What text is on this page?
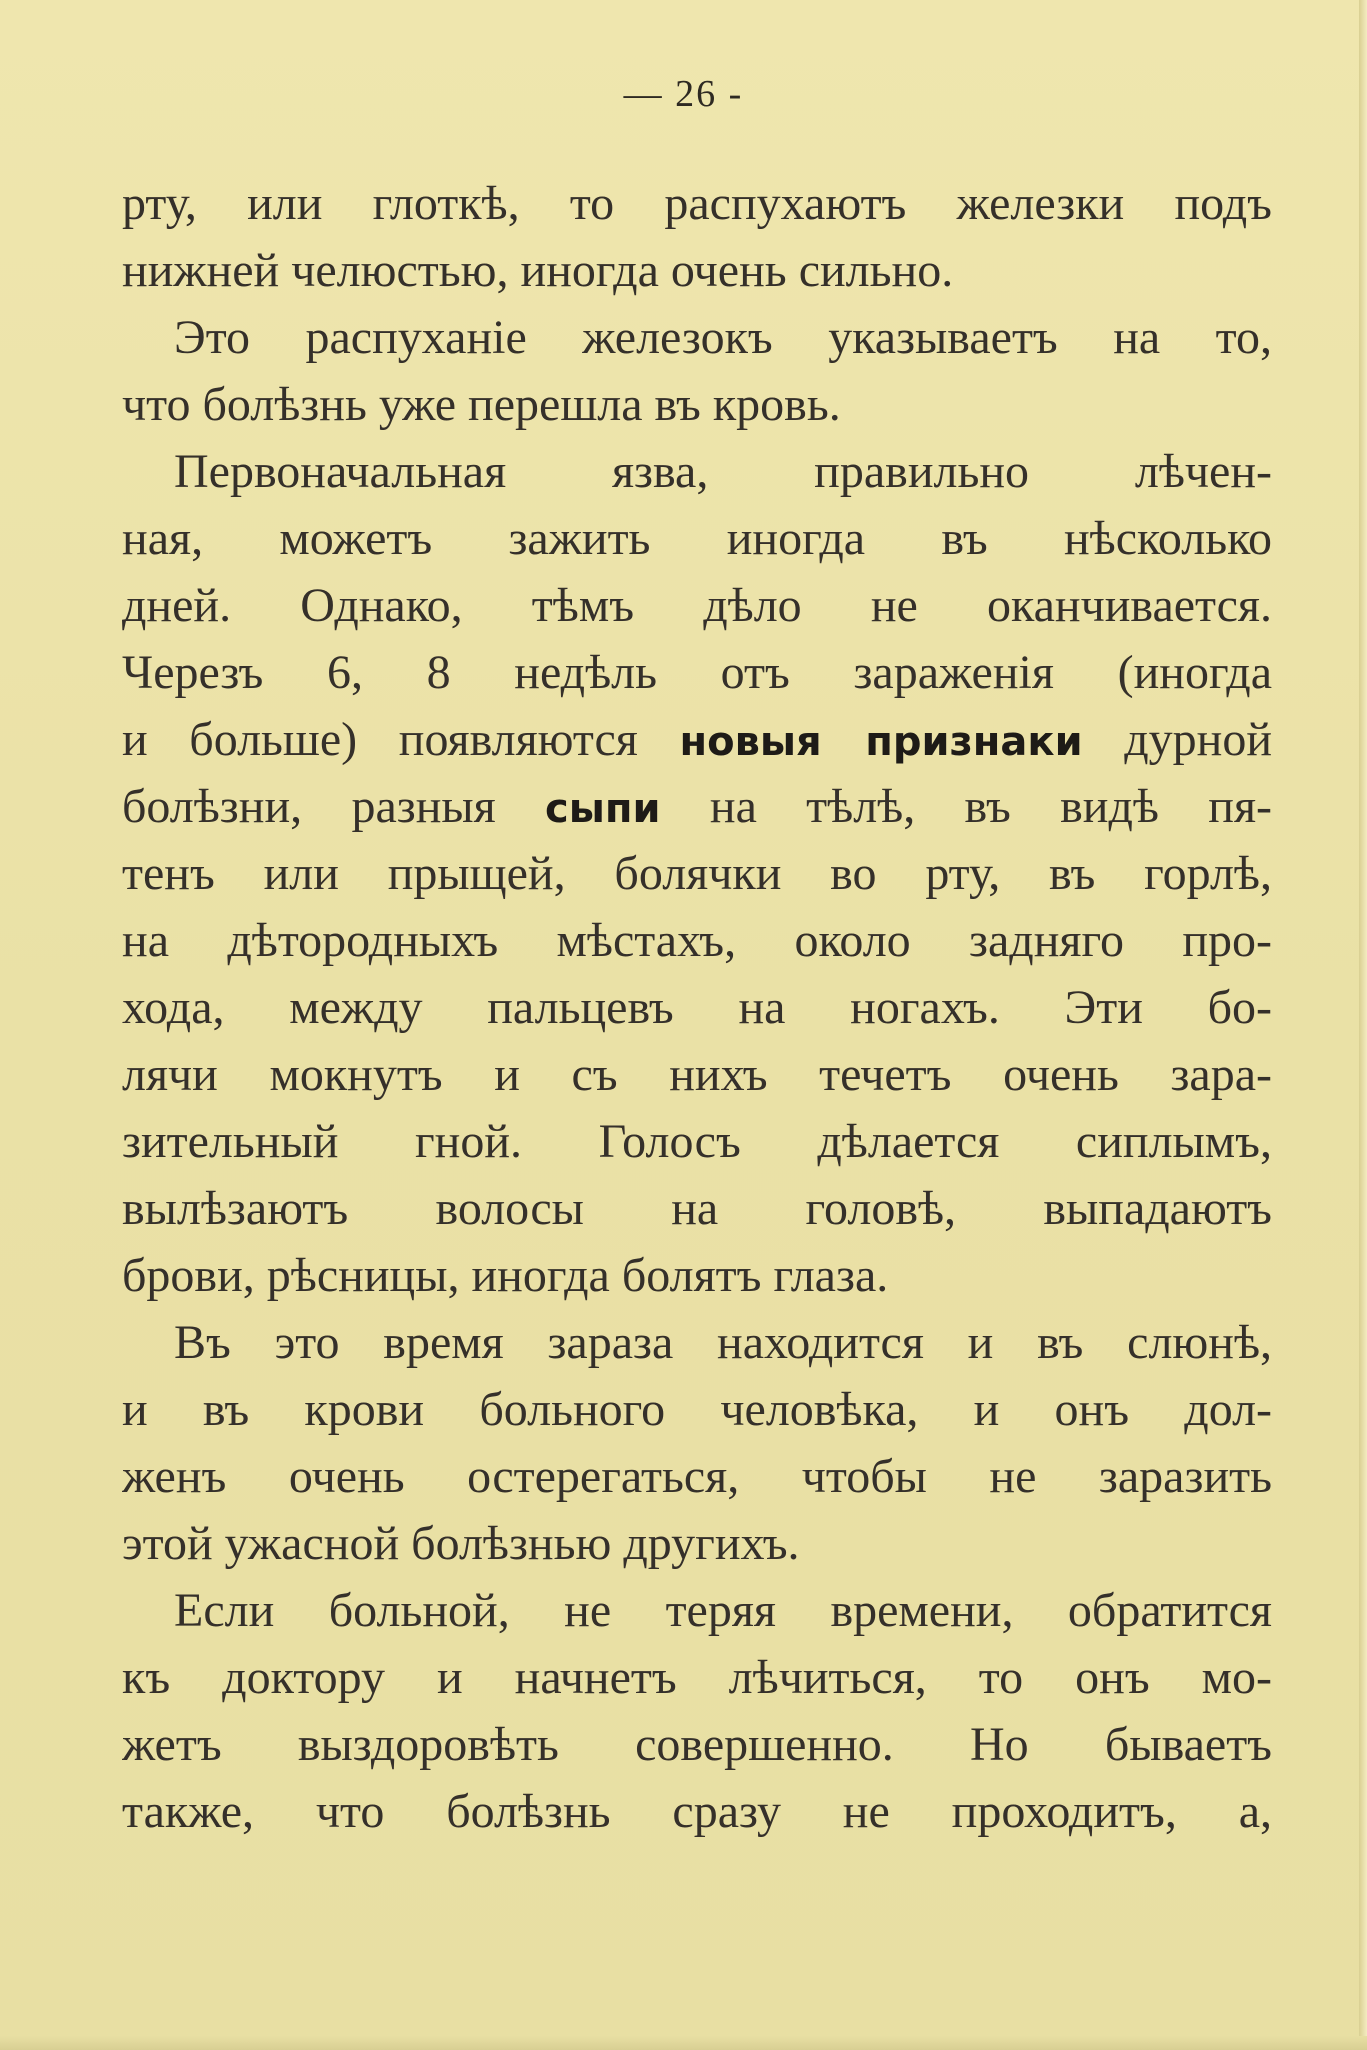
— 26 -
рту, или глоткѣ, то распухаютъ железки подъ
нижней челюстью, иногда очень сильно.
Это распуханіе железокъ указываетъ на то,
что болѣзнь уже перешла въ кровь.
Первоначальная язва, правильно лѣчен-
ная, можетъ зажить иногда въ нѣсколько
дней. Однако, тѣмъ дѣло не оканчивается.
Черезъ 6, 8 недѣль отъ зараженія (иногда
и больше) появляются новыя признаки дурной
болѣзни, разныя сыпи на тѣлѣ, въ видѣ пя-
тенъ или прыщей, болячки во рту, въ горлѣ,
на дѣтородныхъ мѣстахъ, около задняго про-
хода, между пальцевъ на ногахъ. Эти бо-
лячи мокнутъ и съ нихъ течетъ очень зара-
зительный гной. Голосъ дѣлается сиплымъ,
вылѣзаютъ волосы на головѣ, выпадаютъ
брови, рѣсницы, иногда болятъ глаза.
Въ это время зараза находится и въ слюнѣ,
и въ крови больного человѣка, и онъ дол-
женъ очень остерегаться, чтобы не заразить
этой ужасной болѣзнью другихъ.
Если больной, не теряя времени, обратится
къ доктору и начнетъ лѣчиться, то онъ мо-
жетъ выздоровѣть совершенно. Но бываетъ
также, что болѣзнь сразу не проходитъ, а,
